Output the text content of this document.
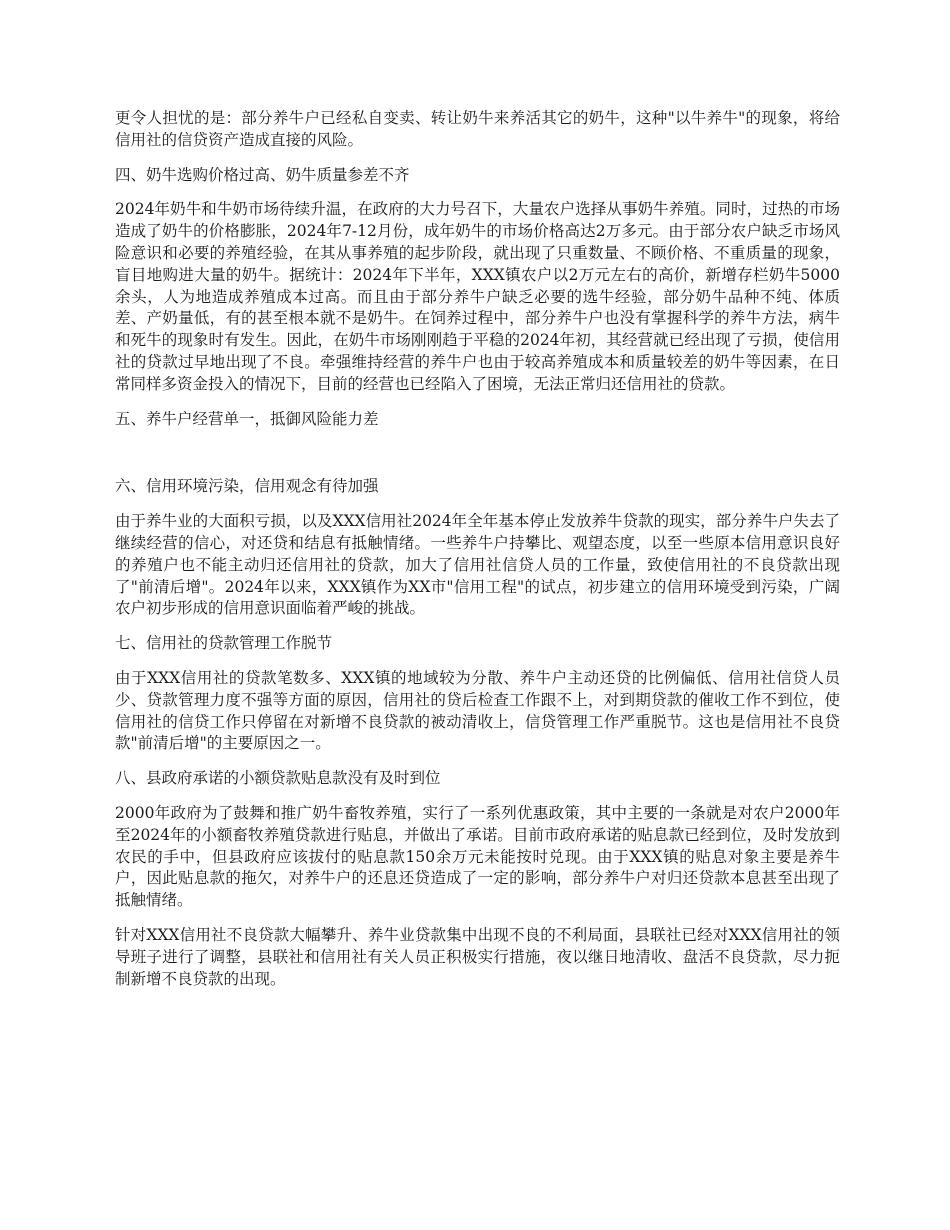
更令人担忧的是：部分养牛户已经私自变卖、转让奶牛来养活其它的奶牛，这种"以牛养牛"的现象，将给信用社的信贷资产造成直接的风险。

四、奶牛选购价格过高、奶牛质量参差不齐

2024年奶牛和牛奶市场待续升温，在政府的大力号召下，大量农户选择从事奶牛养殖。同时，过热的市场造成了奶牛的价格膨胀，2024年7-12月份，成年奶牛的市场价格高达2万多元。由于部分农户缺乏市场风险意识和必要的养殖经验，在其从事养殖的起步阶段，就出现了只重数量、不顾价格、不重质量的现象，盲目地购进大量的奶牛。据统计：2024年下半年，XXX镇农户以2万元左右的高价，新增存栏奶牛5000余头，人为地造成养殖成本过高。而且由于部分养牛户缺乏必要的选牛经验，部分奶牛品种不纯、体质差、产奶量低，有的甚至根本就不是奶牛。在饲养过程中，部分养牛户也没有掌握科学的养牛方法，病牛和死牛的现象时有发生。因此，在奶牛市场刚刚趋于平稳的2024年初，其经营就已经出现了亏损，使信用社的贷款过早地出现了不良。牵强维持经营的养牛户也由于较高养殖成本和质量较差的奶牛等因素，在日常同样多资金投入的情况下，目前的经营也已经陷入了困境，无法正常归还信用社的贷款。

五、养牛户经营单一，抵御风险能力差

六、信用环境污染，信用观念有待加强

由于养牛业的大面积亏损，以及XXX信用社2024年全年基本停止发放养牛贷款的现实，部分养牛户失去了继续经营的信心，对还贷和结息有抵触情绪。一些养牛户持攀比、观望态度，以至一些原本信用意识良好的养殖户也不能主动归还信用社的贷款，加大了信用社信贷人员的工作量，致使信用社的不良贷款出现了"前清后增"。2024年以来，XXX镇作为XX市"信用工程"的试点，初步建立的信用环境受到污染，广阔农户初步形成的信用意识面临着严峻的挑战。

七、信用社的贷款管理工作脱节

由于XXX信用社的贷款笔数多、XXX镇的地域较为分散、养牛户主动还贷的比例偏低、信用社信贷人员少、贷款管理力度不强等方面的原因，信用社的贷后检查工作跟不上，对到期贷款的催收工作不到位，使信用社的信贷工作只停留在对新增不良贷款的被动清收上，信贷管理工作严重脱节。这也是信用社不良贷款"前清后增"的主要原因之一。

八、县政府承诺的小额贷款贴息款没有及时到位

2000年政府为了鼓舞和推广奶牛畜牧养殖，实行了一系列优惠政策，其中主要的一条就是对农户2000年至2024年的小额畜牧养殖贷款进行贴息，并做出了承诺。目前市政府承诺的贴息款已经到位，及时发放到农民的手中，但县政府应该拔付的贴息款150余万元未能按时兑现。由于XXX镇的贴息对象主要是养牛户，因此贴息款的拖欠，对养牛户的还息还贷造成了一定的影响，部分养牛户对归还贷款本息甚至出现了抵触情绪。

针对XXX信用社不良贷款大幅攀升、养牛业贷款集中出现不良的不利局面，县联社已经对XXX信用社的领导班子进行了调整，县联社和信用社有关人员正积极实行措施，夜以继日地清收、盘活不良贷款，尽力扼制新增不良贷款的出现。
